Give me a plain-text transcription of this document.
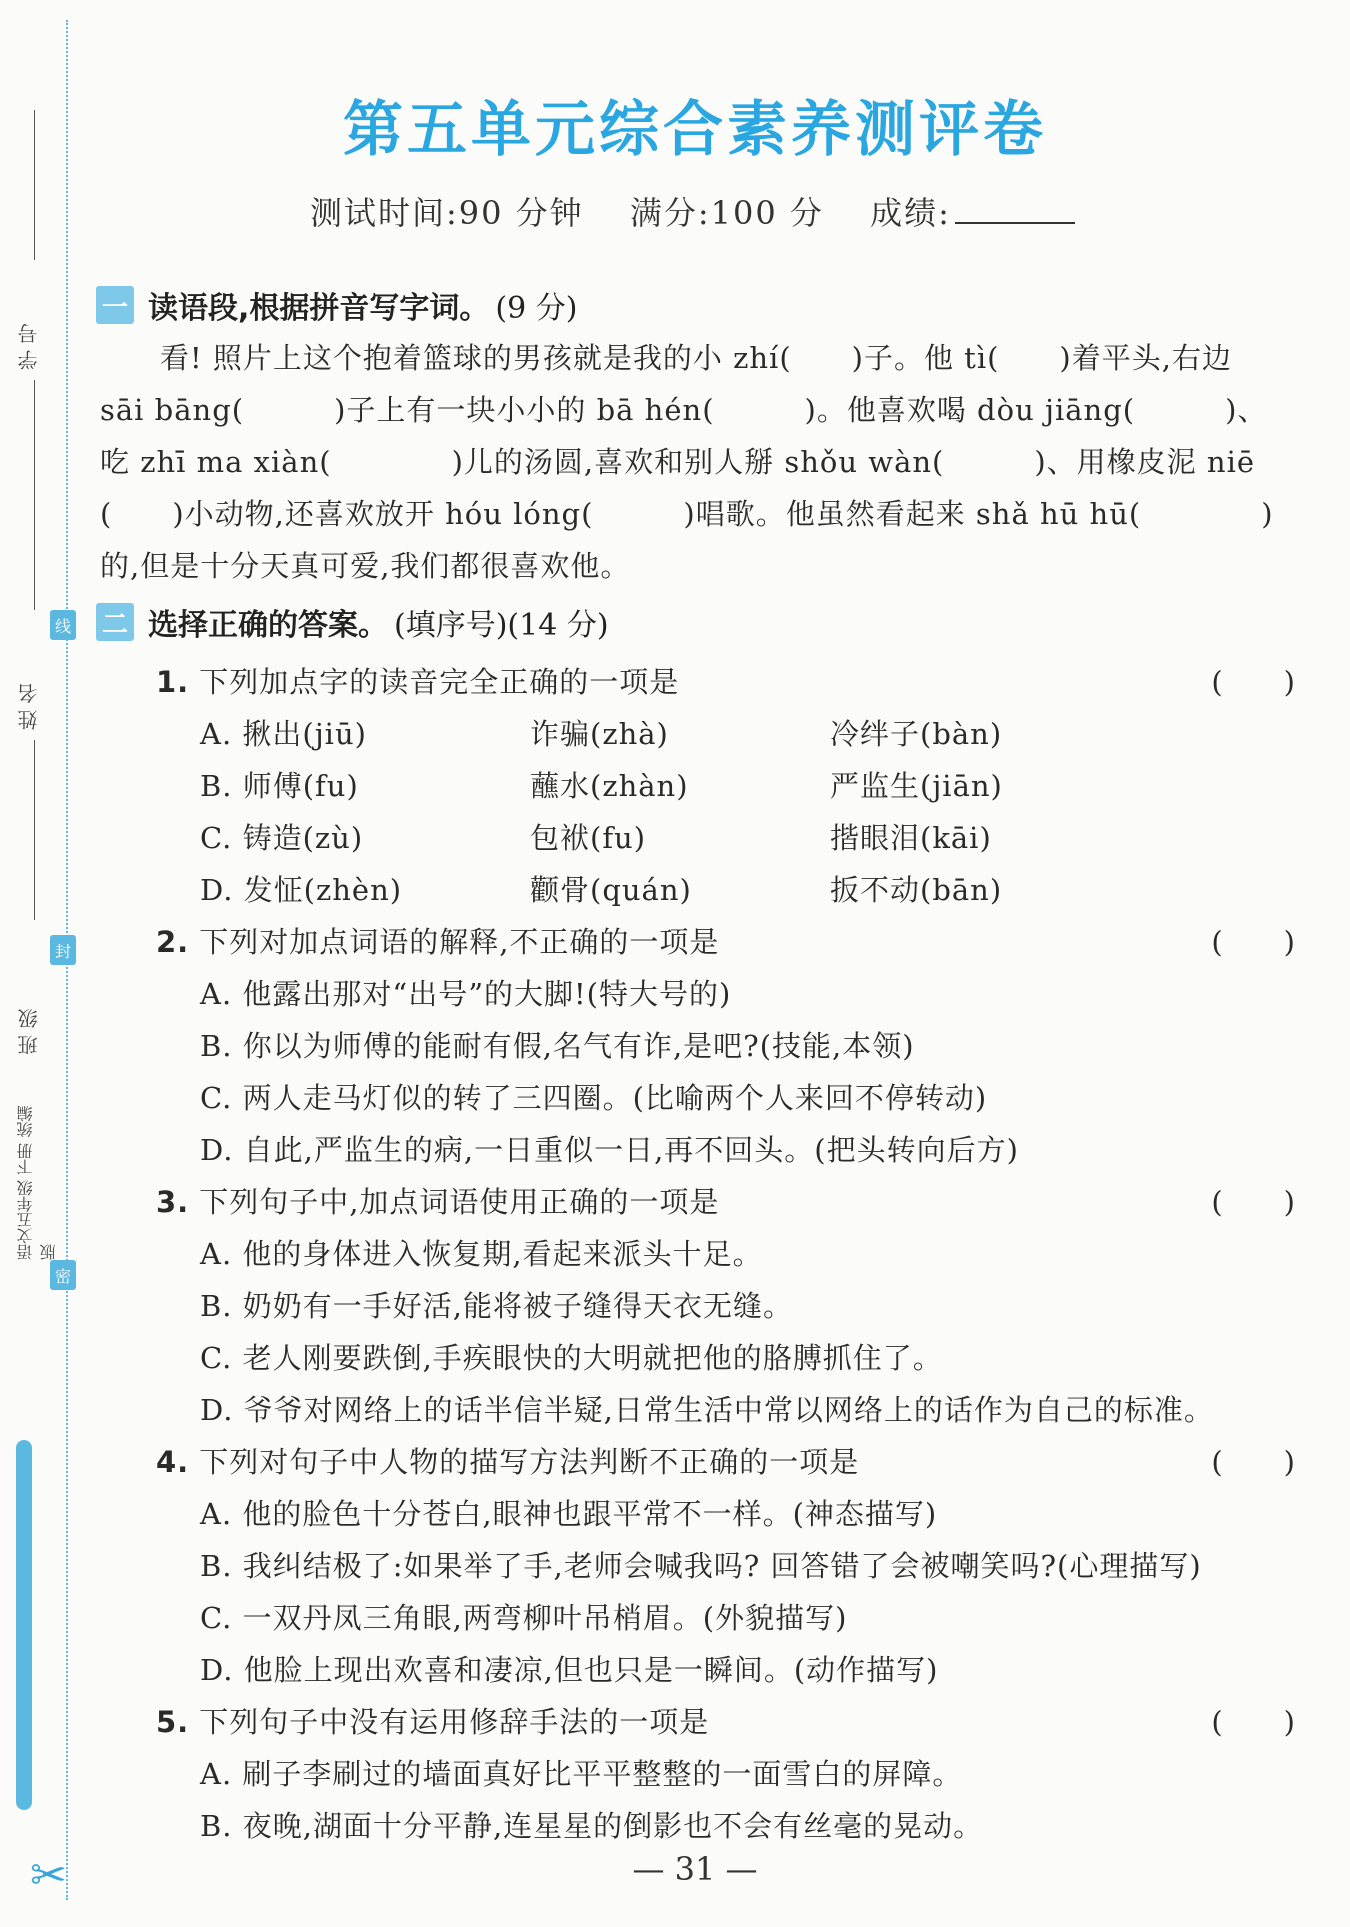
学 号
线
姓 名
封
班 级
密
语文五年级 下册 统编版
✂
第五单元综合素养测评卷
测试时间:90 分钟 满分:100 分 成绩:
一 读语段,根据拼音写字词。 (9 分)

看! 照片上这个抱着篮球的男孩就是我的小 zhí(　　)子。他 tì(　　)着平头,右边

sāi bāng(　　　)子上有一块小小的 bā hén(　　　)。他喜欢喝 dòu jiāng(　　　)、

吃 zhī ma xiàn(　　　　)儿的汤圆,喜欢和别人掰 shǒu wàn(　　　)、用橡皮泥 niē

(　　)小动物,还喜欢放开 hóu lóng(　　　)唱歌。他虽然看起来 shǎ hū hū(　　　　)

的,但是十分天真可爱,我们都很喜欢他。

二 选择正确的答案。 (填序号)(14 分)
1. 下列加点字的读音完全正确的一项是	(　　)
A. 揪出(jiū)	诈骗(zhà)	冷绊子(bàn)
B. 师傅(fu)	蘸水(zhàn)	严监生(jiān)
C. 铸造(zù)	包袱(fu)	揩眼泪(kāi)
D. 发怔(zhèn)	颧骨(quán)	扳不动(bān)
2. 下列对加点词语的解释,不正确的一项是	(　　)
A. 他露出那对“出号”的大脚!(特大号的)
B. 你以为师傅的能耐有假,名气有诈,是吧?(技能,本领)
C. 两人走马灯似的转了三四圈。(比喻两个人来回不停转动)
D. 自此,严监生的病,一日重似一日,再不回头。(把头转向后方)
3. 下列句子中,加点词语使用正确的一项是	(　　)
A. 他的身体进入恢复期,看起来派头十足。
B. 奶奶有一手好活,能将被子缝得天衣无缝。
C. 老人刚要跌倒,手疾眼快的大明就把他的胳膊抓住了。
D. 爷爷对网络上的话半信半疑,日常生活中常以网络上的话作为自己的标准。
4. 下列对句子中人物的描写方法判断不正确的一项是	(　　)
A. 他的脸色十分苍白,眼神也跟平常不一样。(神态描写)
B. 我纠结极了:如果举了手,老师会喊我吗? 回答错了会被嘲笑吗?(心理描写)
C. 一双丹凤三角眼,两弯柳叶吊梢眉。(外貌描写)
D. 他脸上现出欢喜和凄凉,但也只是一瞬间。(动作描写)
5. 下列句子中没有运用修辞手法的一项是	(　　)
A. 刷子李刷过的墙面真好比平平整整的一面雪白的屏障。
B. 夜晚,湖面十分平静,连星星的倒影也不会有丝毫的晃动。
— 31 —
